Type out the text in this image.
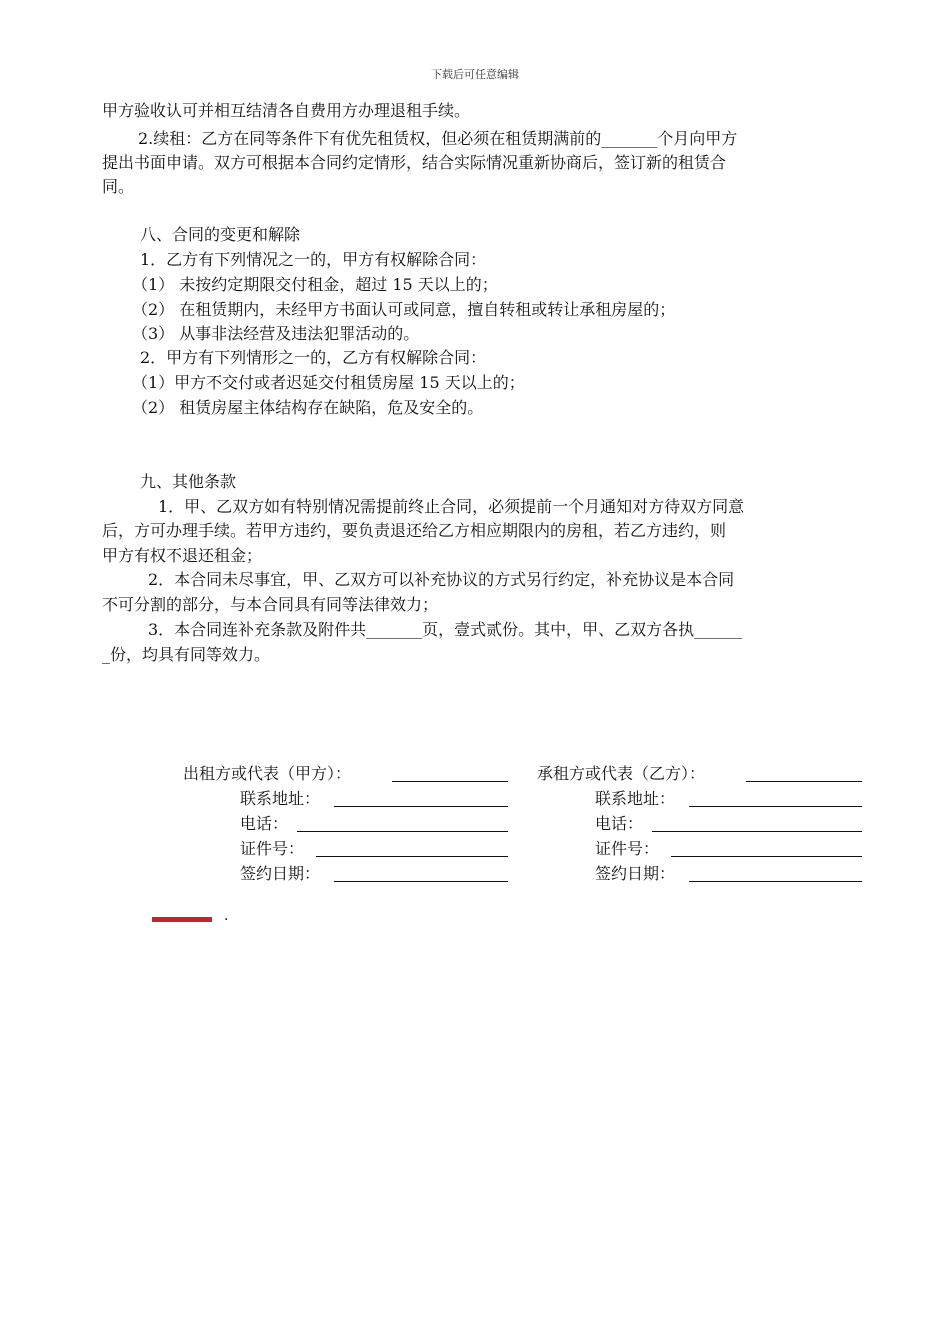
下载后可任意编辑
甲方验收认可并相互结清各自费用方办理退租手续。
2.续租：乙方在同等条件下有优先租赁权，但必须在租赁期满前的_______个月向甲方
提出书面申请。双方可根据本合同约定情形，结合实际情况重新协商后，签订新的租赁合
同。
八、合同的变更和解除
1．乙方有下列情况之一的，甲方有权解除合同：
（1） 未按约定期限交付租金，超过 15 天以上的；
（2） 在租赁期内，未经甲方书面认可或同意，擅自转租或转让承租房屋的；
（3） 从事非法经营及违法犯罪活动的。
2．甲方有下列情形之一的，乙方有权解除合同：
（1）甲方不交付或者迟延交付租赁房屋 15 天以上的；
（2） 租赁房屋主体结构存在缺陷，危及安全的。
九、其他条款
1．甲、乙双方如有特别情况需提前终止合同，必须提前一个月通知对方待双方同意
后，方可办理手续。若甲方违约，要负责退还给乙方相应期限内的房租，若乙方违约，则
甲方有权不退还租金；
2．本合同未尽事宜，甲、乙双方可以补充协议的方式另行约定，补充协议是本合同
不可分割的部分，与本合同具有同等法律效力；
3．本合同连补充条款及附件共_______页，壹式贰份。其中，甲、乙双方各执______
_份，均具有同等效力。
出租方或代表（甲方）：
联系地址：
电话：
证件号：
签约日期：
承租方或代表（乙方）：
联系地址：
电话：
证件号：
签约日期：
.
